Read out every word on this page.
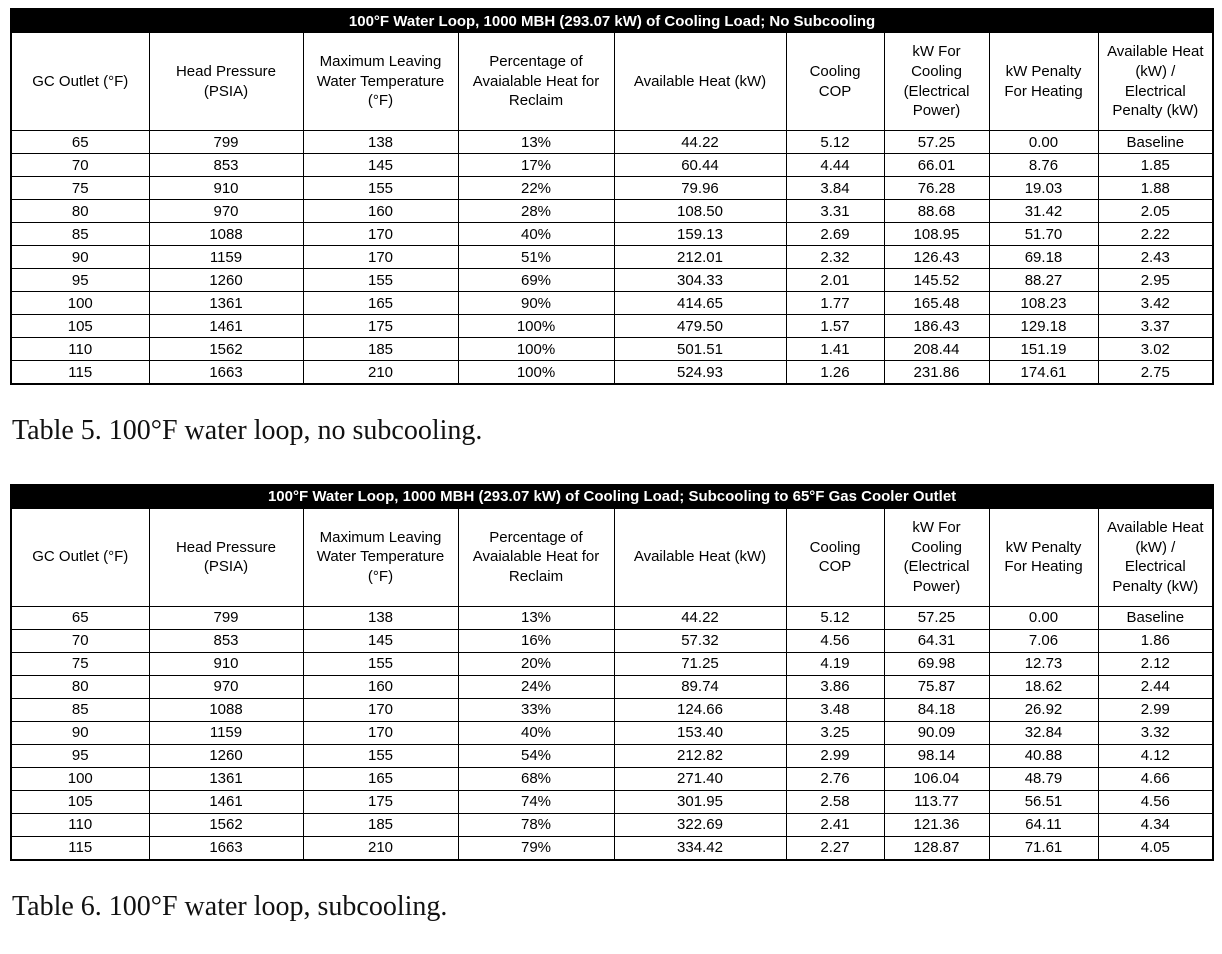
100°F Water Loop, 1000 MBH (293.07 kW) of Cooling Load; No Subcooling								
GC Outlet (°F)	Head Pressure (PSIA)	Maximum Leaving Water Temperature (°F)	Percentage of Avaialable Heat for Reclaim	Available Heat (kW)	Cooling COP	kW For Cooling (Electrical Power)	kW Penalty For Heating	Available Heat (kW) / Electrical Penalty (kW)
65	799	138	13%	44.22	5.12	57.25	0.00	Baseline
70	853	145	17%	60.44	4.44	66.01	8.76	1.85
75	910	155	22%	79.96	3.84	76.28	19.03	1.88
80	970	160	28%	108.50	3.31	88.68	31.42	2.05
85	1088	170	40%	159.13	2.69	108.95	51.70	2.22
90	1159	170	51%	212.01	2.32	126.43	69.18	2.43
95	1260	155	69%	304.33	2.01	145.52	88.27	2.95
100	1361	165	90%	414.65	1.77	165.48	108.23	3.42
105	1461	175	100%	479.50	1.57	186.43	129.18	3.37
110	1562	185	100%	501.51	1.41	208.44	151.19	3.02
115	1663	210	100%	524.93	1.26	231.86	174.61	2.75

Table 5. 100°F water loop, no subcooling.

100°F Water Loop, 1000 MBH (293.07 kW) of Cooling Load; Subcooling to 65°F Gas Cooler Outlet								
GC Outlet (°F)	Head Pressure (PSIA)	Maximum Leaving Water Temperature (°F)	Percentage of Avaialable Heat for Reclaim	Available Heat (kW)	Cooling COP	kW For Cooling (Electrical Power)	kW Penalty For Heating	Available Heat (kW) / Electrical Penalty (kW)
65	799	138	13%	44.22	5.12	57.25	0.00	Baseline
70	853	145	16%	57.32	4.56	64.31	7.06	1.86
75	910	155	20%	71.25	4.19	69.98	12.73	2.12
80	970	160	24%	89.74	3.86	75.87	18.62	2.44
85	1088	170	33%	124.66	3.48	84.18	26.92	2.99
90	1159	170	40%	153.40	3.25	90.09	32.84	3.32
95	1260	155	54%	212.82	2.99	98.14	40.88	4.12
100	1361	165	68%	271.40	2.76	106.04	48.79	4.66
105	1461	175	74%	301.95	2.58	113.77	56.51	4.56
110	1562	185	78%	322.69	2.41	121.36	64.11	4.34
115	1663	210	79%	334.42	2.27	128.87	71.61	4.05

Table 6. 100°F water loop, subcooling.
